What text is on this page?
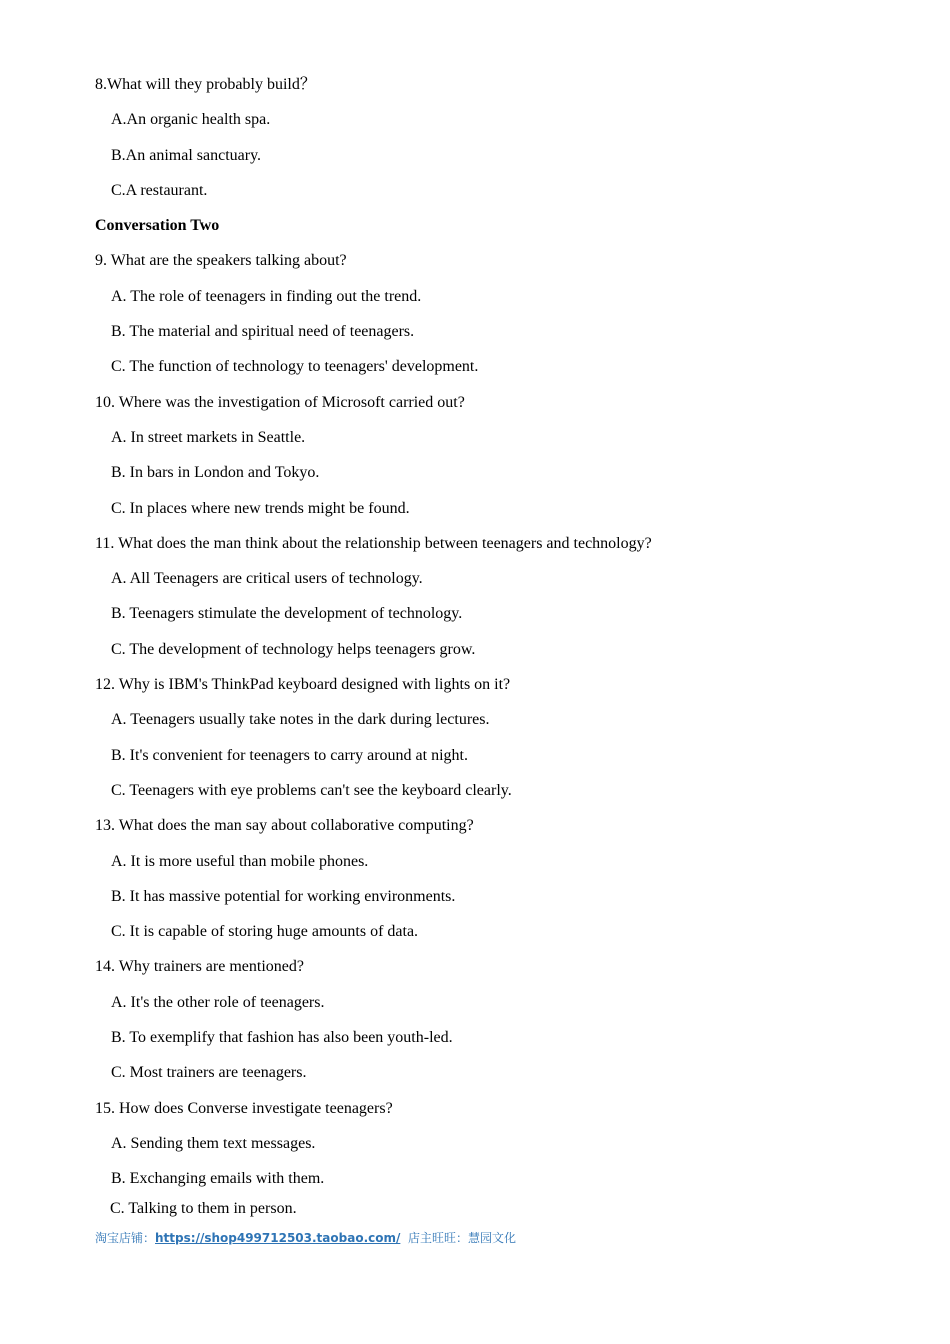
8.What will they probably build？

A.An organic health spa.

B.An animal sanctuary.

C.A restaurant.

Conversation Two

9. What are the speakers talking about?

A. The role of teenagers in finding out the trend.

B. The material and spiritual need of teenagers.

C. The function of technology to teenagers' development.

10. Where was the investigation of Microsoft carried out?

A. In street markets in Seattle.

B. In bars in London and Tokyo.

C. In places where new trends might be found.

11. What does the man think about the relationship between teenagers and technology?

A. All Teenagers are critical users of technology.

B. Teenagers stimulate the development of technology.

C. The development of technology helps teenagers grow.

12. Why is IBM's ThinkPad keyboard designed with lights on it?

A. Teenagers usually take notes in the dark during lectures.

B. It's convenient for teenagers to carry around at night.

C. Teenagers with eye problems can't see the keyboard clearly.

13. What does the man say about collaborative computing?

A. It is more useful than mobile phones.

B. It has massive potential for working environments.

C. It is capable of storing huge amounts of data.

14. Why trainers are mentioned?

A. It's the other role of teenagers.

B. To exemplify that fashion has also been youth-led.

C. Most trainers are teenagers.

15. How does Converse investigate teenagers?

A. Sending them text messages.

B. Exchanging emails with them.

C. Talking to them in person.

淘宝店铺：https://shop499712503.taobao.com/ 店主旺旺：慧园文化
